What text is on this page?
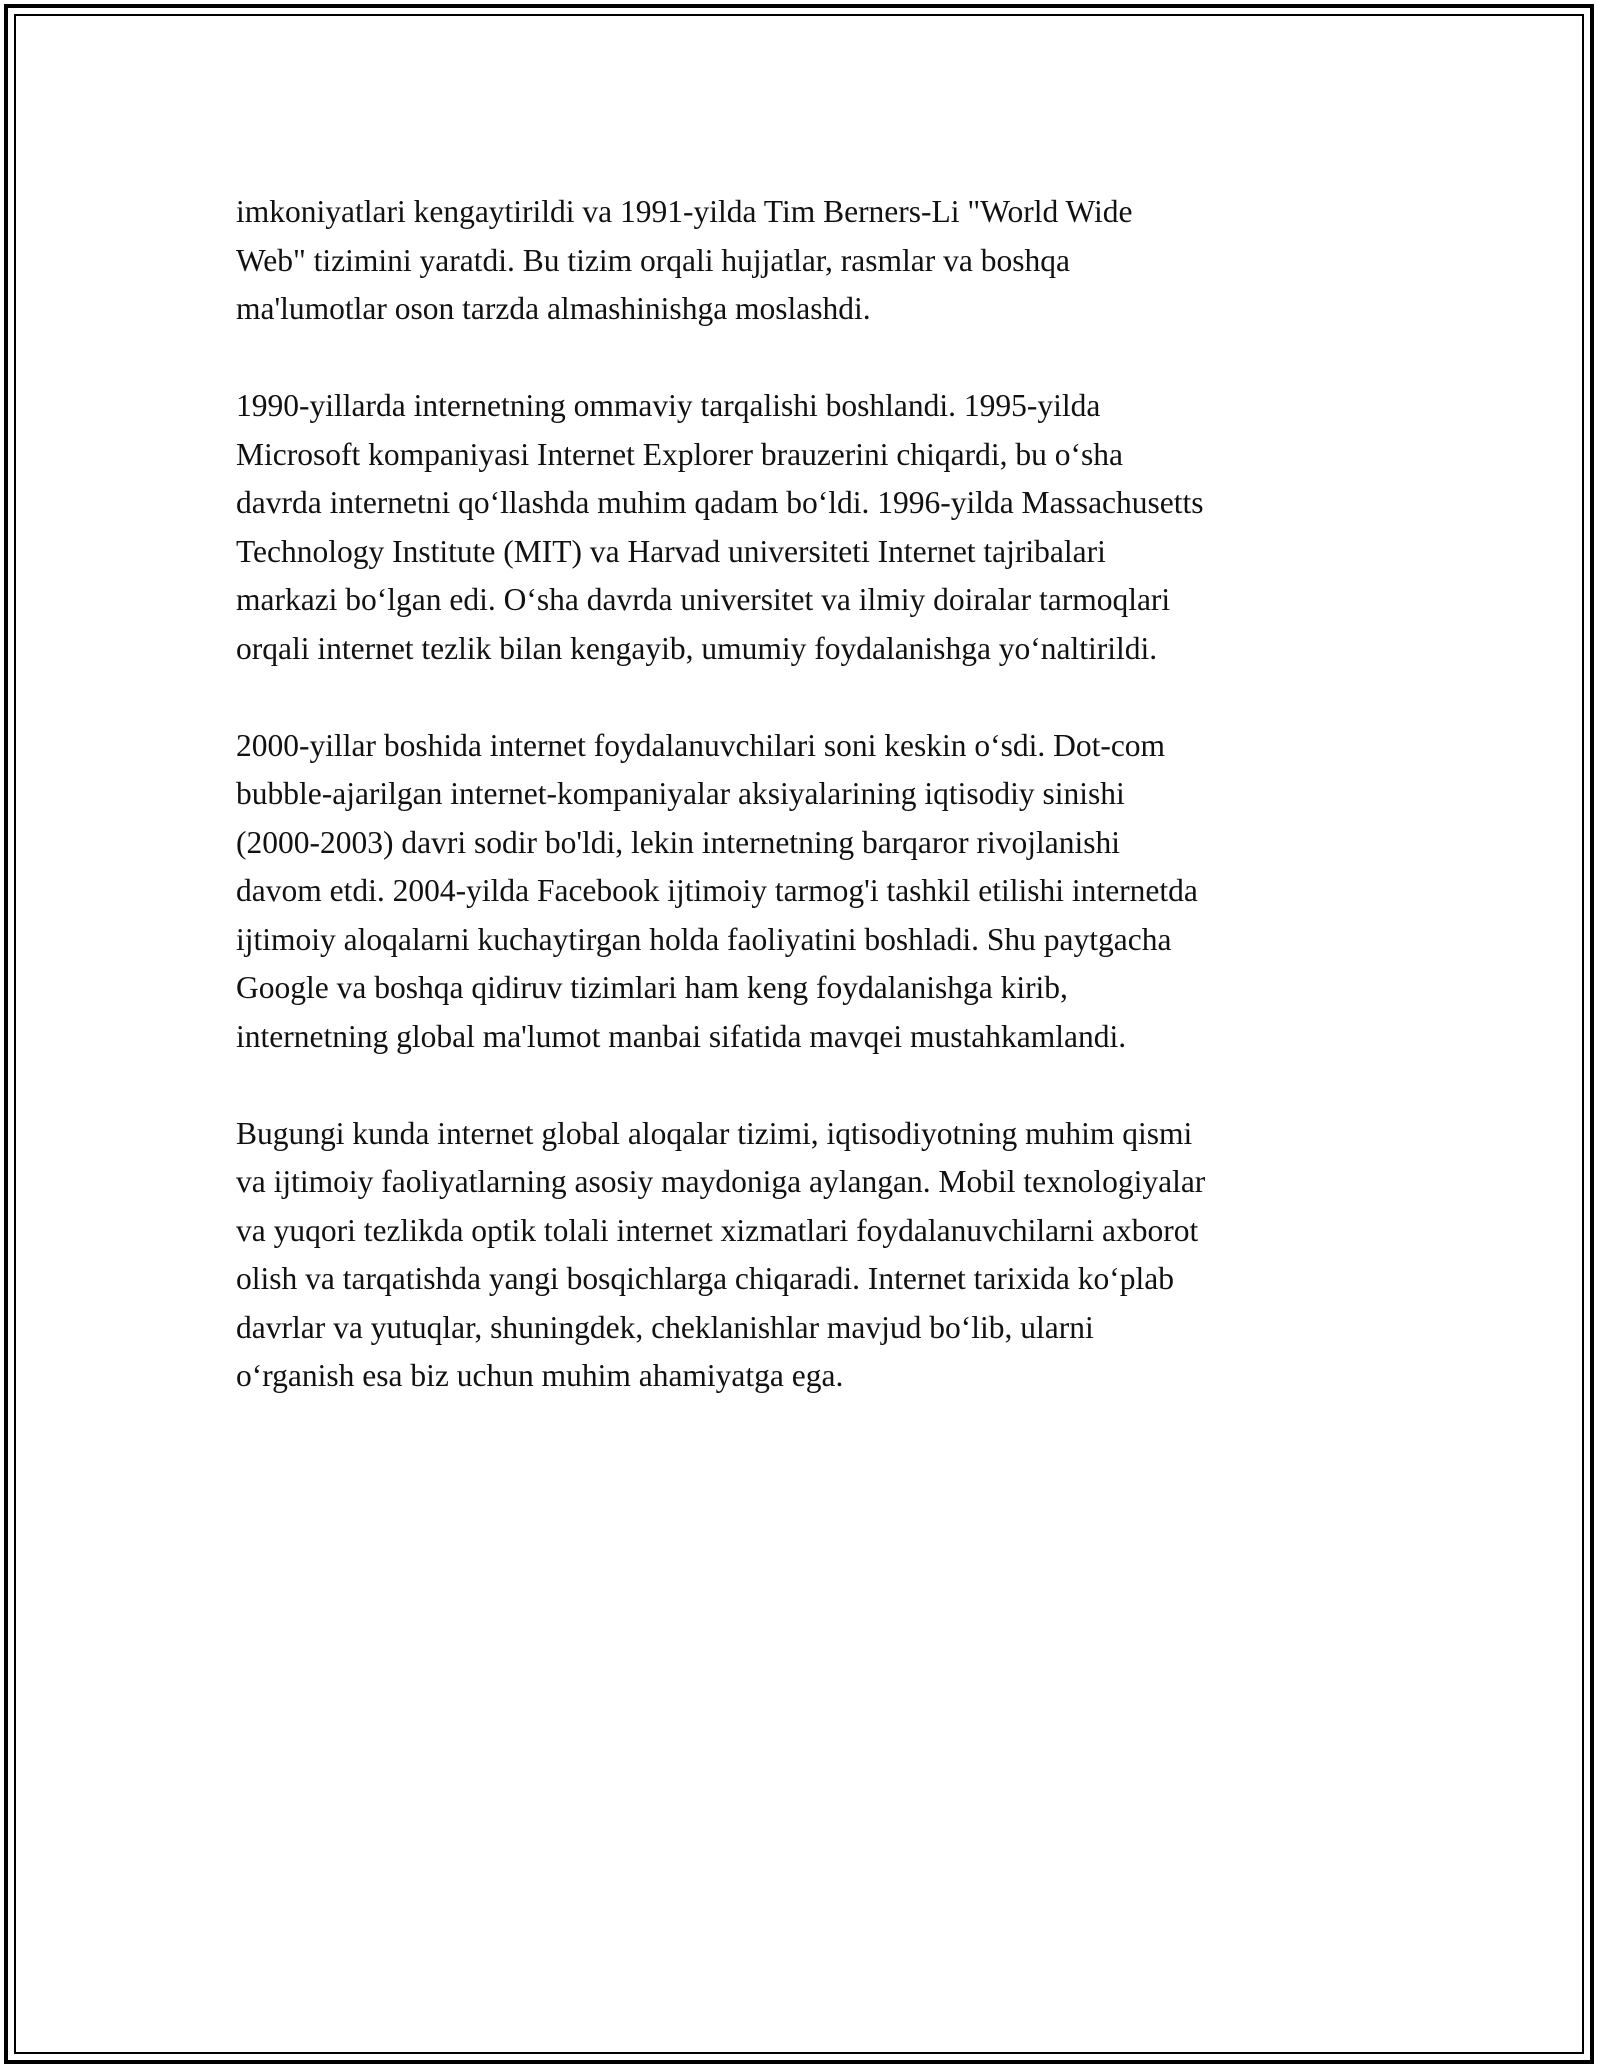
imkoniyatlari kengaytirildi va 1991-yilda Tim Berners-Li "World Wide
Web" tizimini yaratdi. Bu tizim orqali hujjatlar, rasmlar va boshqa
ma'lumotlar oson tarzda almashinishga moslashdi.

1990-yillarda internetning ommaviy tarqalishi boshlandi. 1995-yilda
Microsoft kompaniyasi Internet Explorer brauzerini chiqardi, bu oʻsha
davrda internetni qoʻllashda muhim qadam boʻldi. 1996-yilda Massachusetts
Technology Institute (MIT) va Harvad universiteti Internet tajribalari
markazi boʻlgan edi. Oʻsha davrda universitet va ilmiy doiralar tarmoqlari
orqali internet tezlik bilan kengayib, umumiy foydalanishga yoʻnaltirildi.

2000-yillar boshida internet foydalanuvchilari soni keskin oʻsdi. Dot-com
bubble-ajarilgan internet-kompaniyalar aksiyalarining iqtisodiy sinishi
(2000-2003) davri sodir bo'ldi, lekin internetning barqaror rivojlanishi
davom etdi. 2004-yilda Facebook ijtimoiy tarmog'i tashkil etilishi internetda
ijtimoiy aloqalarni kuchaytirgan holda faoliyatini boshladi. Shu paytgacha
Google va boshqa qidiruv tizimlari ham keng foydalanishga kirib,
internetning global ma'lumot manbai sifatida mavqei mustahkamlandi.

Bugungi kunda internet global aloqalar tizimi, iqtisodiyotning muhim qismi
va ijtimoiy faoliyatlarning asosiy maydoniga aylangan. Mobil texnologiyalar
va yuqori tezlikda optik tolali internet xizmatlari foydalanuvchilarni axborot
olish va tarqatishda yangi bosqichlarga chiqaradi. Internet tarixida koʻplab
davrlar va yutuqlar, shuningdek, cheklanishlar mavjud boʻlib, ularni
oʻrganish esa biz uchun muhim ahamiyatga ega.
